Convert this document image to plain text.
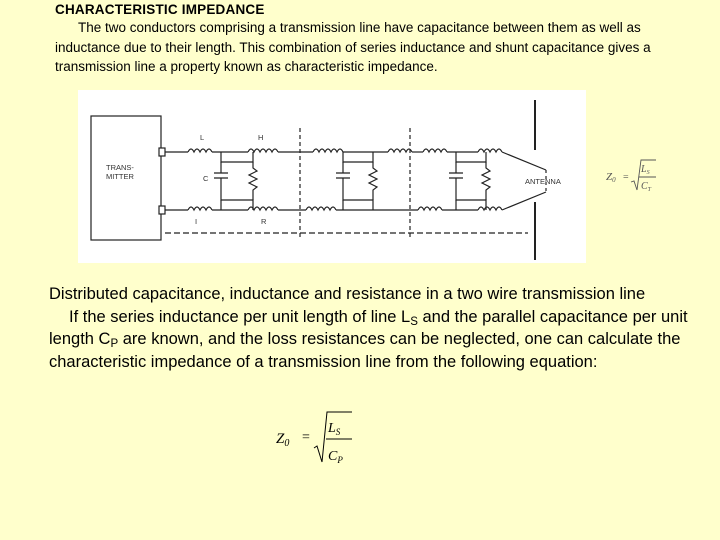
CHARACTERISTIC IMPEDANCE
The two conductors comprising a transmission line have capacitance between them as well as inductance due to their length. This combination of series inductance and shunt capacitance gives a transmission line a property known as characteristic impedance.
TRANS-
MITTER
ANTENNA
L	H
C
I	R
Z0 =
$L_S$
$C_T$
Distributed capacitance, inductance and resistance in a two wire transmission line
If the series inductance per unit length of line $L_S$ and the parallel capacitance per unit length $C_P$ are known, and the loss resistances can be neglected, one can calculate the characteristic impedance of a transmission line from the following equation:
$Z_0$ =
$L_S$
$C_P$
